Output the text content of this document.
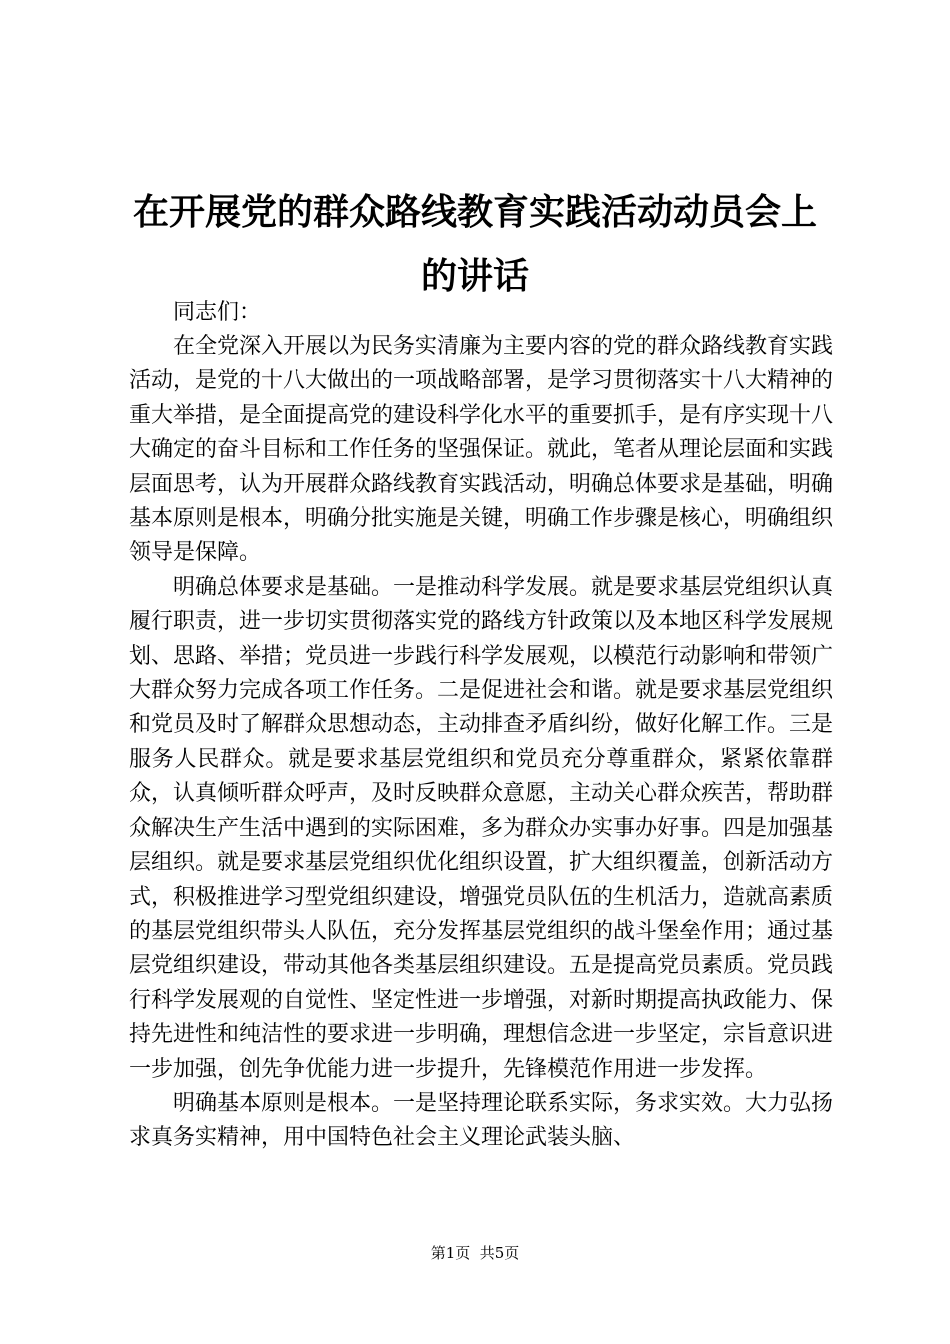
在开展党的群众路线教育实践活动动员会上的讲话

同志们：

在全党深入开展以为民务实清廉为主要内容的党的群众路线教育实践活动，是党的十八大做出的一项战略部署，是学习贯彻落实十八大精神的重大举措，是全面提高党的建设科学化水平的重要抓手，是有序实现十八大确定的奋斗目标和工作任务的坚强保证。就此，笔者从理论层面和实践层面思考，认为开展群众路线教育实践活动，明确总体要求是基础，明确基本原则是根本，明确分批实施是关键，明确工作步骤是核心，明确组织领导是保障。

明确总体要求是基础。一是推动科学发展。就是要求基层党组织认真履行职责，进一步切实贯彻落实党的路线方针政策以及本地区科学发展规划、思路、举措；党员进一步践行科学发展观，以模范行动影响和带领广大群众努力完成各项工作任务。二是促进社会和谐。就是要求基层党组织和党员及时了解群众思想动态，主动排查矛盾纠纷，做好化解工作。三是服务人民群众。就是要求基层党组织和党员充分尊重群众，紧紧依靠群众，认真倾听群众呼声，及时反映群众意愿，主动关心群众疾苦，帮助群众解决生产生活中遇到的实际困难，多为群众办实事办好事。四是加强基层组织。就是要求基层党组织优化组织设置，扩大组织覆盖，创新活动方式，积极推进学习型党组织建设，增强党员队伍的生机活力，造就高素质的基层党组织带头人队伍，充分发挥基层党组织的战斗堡垒作用；通过基层党组织建设，带动其他各类基层组织建设。五是提高党员素质。党员践行科学发展观的自觉性、坚定性进一步增强，对新时期提高执政能力、保持先进性和纯洁性的要求进一步明确，理想信念进一步坚定，宗旨意识进一步加强，创先争优能力进一步提升，先锋模范作用进一步发挥。

明确基本原则是根本。一是坚持理论联系实际，务求实效。大力弘扬求真务实精神，用中国特色社会主义理论武装头脑、

第1页  共5页
